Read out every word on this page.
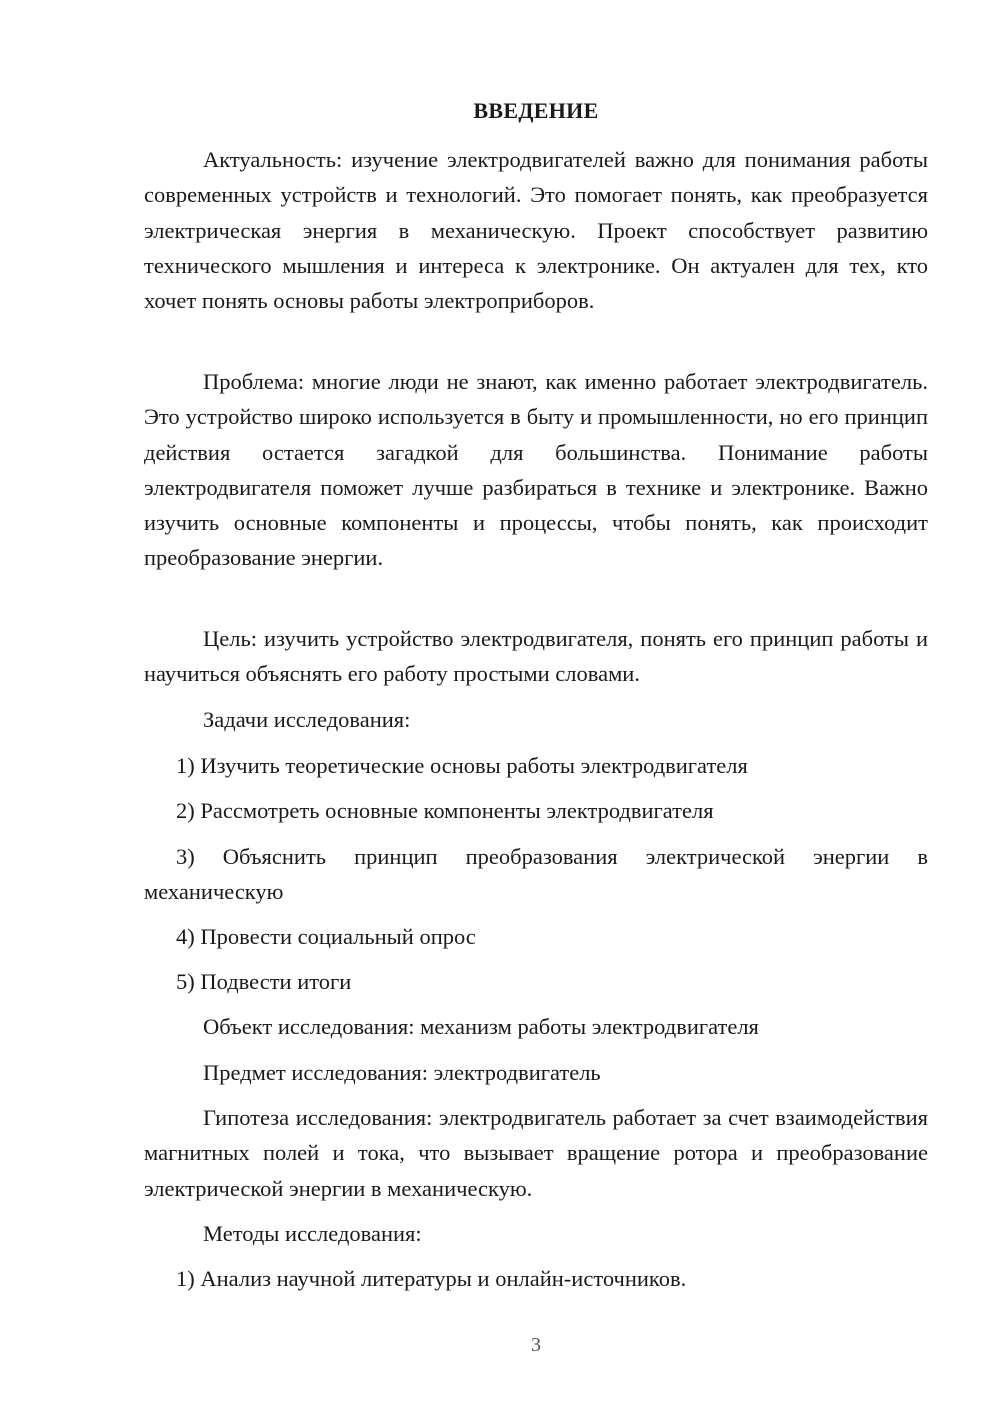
ВВЕДЕНИЕ

Актуальность: изучение электродвигателей важно для понимания работы современных устройств и технологий. Это помогает понять, как преобразуется электрическая энергия в механическую. Проект способствует развитию технического мышления и интереса к электронике. Он актуален для тех, кто хочет понять основы работы электроприборов.

Проблема: многие люди не знают, как именно работает электродвигатель. Это устройство широко используется в быту и промышленности, но его принцип действия остается загадкой для большинства. Понимание работы электродвигателя поможет лучше разбираться в технике и электронике. Важно изучить основные компоненты и процессы, чтобы понять, как происходит преобразование энергии.

Цель: изучить устройство электродвигателя, понять его принцип работы и научиться объяснять его работу простыми словами.

Задачи исследования:

1) Изучить теоретические основы работы электродвигателя

2) Рассмотреть основные компоненты электродвигателя

3) Объяснить принцип преобразования электрической энергии в механическую

4) Провести социальный опрос

5) Подвести итоги

Объект исследования: механизм работы электродвигателя

Предмет исследования: электродвигатель

Гипотеза исследования: электродвигатель работает за счет взаимодействия магнитных полей и тока, что вызывает вращение ротора и преобразование электрической энергии в механическую.

Методы исследования:

1) Анализ научной литературы и онлайн-источников.

3
